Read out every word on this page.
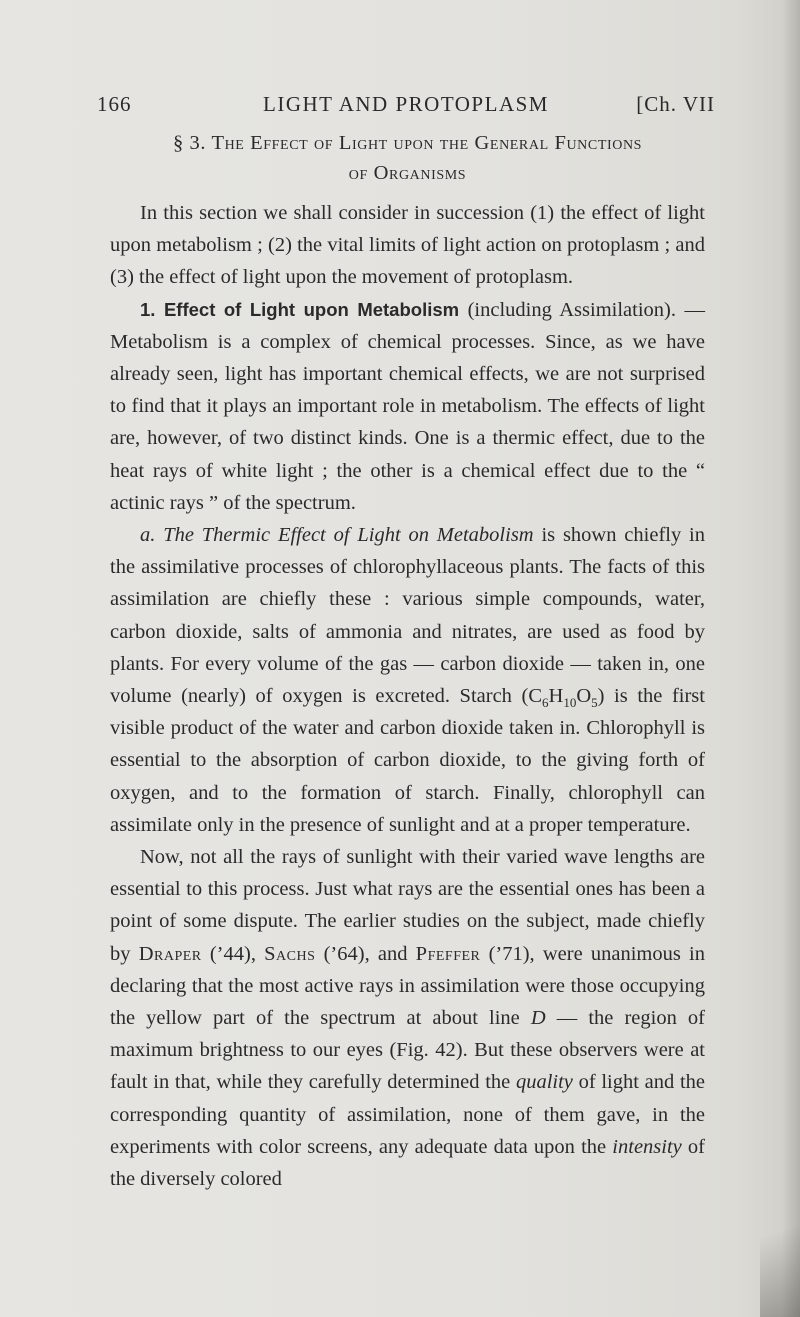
166	LIGHT AND PROTOPLASM	[Ch. VII
§ 3. The Effect of Light upon the General Functions
of Organisms

In this section we shall consider in succession (1) the effect of light upon metabolism ; (2) the vital limits of light action on protoplasm ; and (3) the effect of light upon the movement of protoplasm.

1. Effect of Light upon Metabolism (including Assimilation). — Metabolism is a complex of chemical processes. Since, as we have already seen, light has important chemical effects, we are not surprised to find that it plays an important role in metabolism. The effects of light are, however, of two distinct kinds. One is a thermic effect, due to the heat rays of white light ; the other is a chemical effect due to the “ actinic rays ” of the spectrum.

a. The Thermic Effect of Light on Metabolism is shown chiefly in the assimilative processes of chlorophyllaceous plants. The facts of this assimilation are chiefly these : various simple compounds, water, carbon dioxide, salts of ammonia and nitrates, are used as food by plants. For every volume of the gas — carbon dioxide — taken in, one volume (nearly) of oxygen is excreted. Starch $(C_6H_{10}O_5)$ is the first visible product of the water and carbon dioxide taken in. Chlorophyll is essential to the absorption of carbon dioxide, to the giving forth of oxygen, and to the formation of starch. Finally, chlorophyll can assimilate only in the presence of sunlight and at a proper temperature.

Now, not all the rays of sunlight with their varied wave lengths are essential to this process. Just what rays are the essential ones has been a point of some dispute. The earlier studies on the subject, made chiefly by Draper (’44), Sachs (’64), and Pfeffer (’71), were unanimous in declaring that the most active rays in assimilation were those occupying the yellow part of the spectrum at about line D — the region of maximum brightness to our eyes (Fig. 42). But these observers were at fault in that, while they carefully determined the quality of light and the corresponding quantity of assimilation, none of them gave, in the experiments with color screens, any adequate data upon the intensity of the diversely colored
